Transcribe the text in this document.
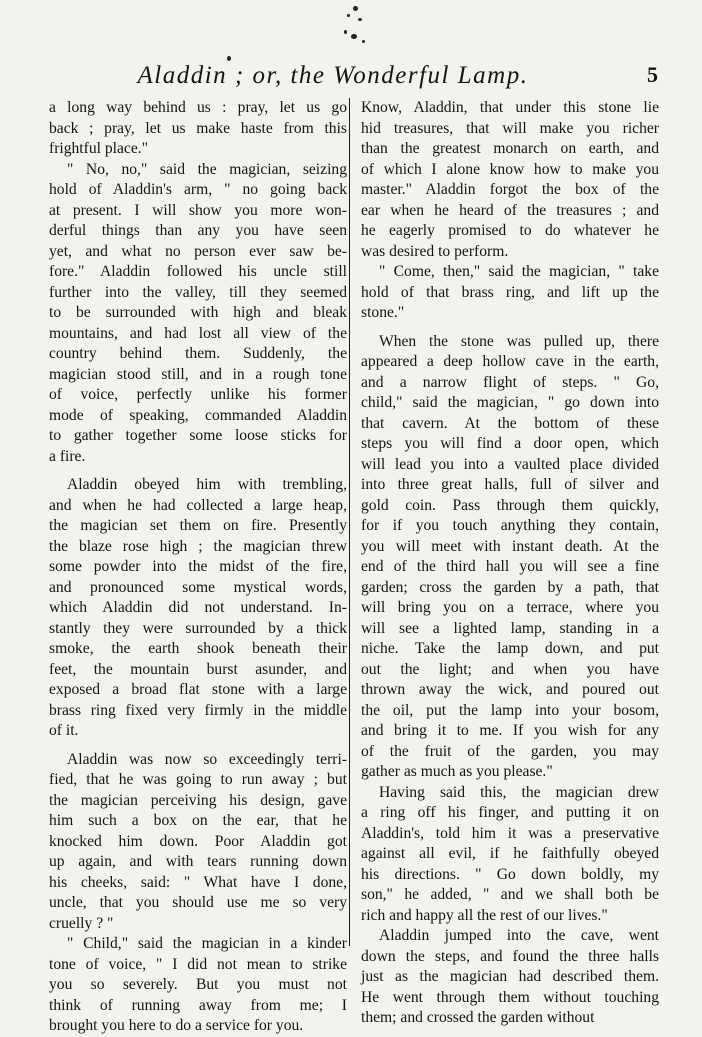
Aladdin ; or, the Wonderful Lamp.	5

a long way behind us : pray, let us go
back ; pray, let us make haste from this
frightful place."

" No, no," said the magician, seizing
hold of Aladdin's arm, " no going back
at present. I will show you more won-
derful things than any you have seen
yet, and what no person ever saw be-
fore." Aladdin followed his uncle still
further into the valley, till they seemed
to be surrounded with high and bleak
mountains, and had lost all view of the
country behind them. Suddenly, the
magician stood still, and in a rough tone
of voice, perfectly unlike his former
mode of speaking, commanded Aladdin
to gather together some loose sticks for
a fire.

Aladdin obeyed him with trembling,
and when he had collected a large heap,
the magician set them on fire. Presently
the blaze rose high ; the magician threw
some powder into the midst of the fire,
and pronounced some mystical words,
which Aladdin did not understand. In-
stantly they were surrounded by a thick
smoke, the earth shook beneath their
feet, the mountain burst asunder, and
exposed a broad flat stone with a large
brass ring fixed very firmly in the middle
of it.

Aladdin was now so exceedingly terri-
fied, that he was going to run away ; but
the magician perceiving his design, gave
him such a box on the ear, that he
knocked him down. Poor Aladdin got
up again, and with tears running down
his cheeks, said: " What have I done,
uncle, that you should use me so very
cruelly ? "

" Child," said the magician in a kinder
tone of voice, " I did not mean to strike
you so severely. But you must not
think of running away from me; I
brought you here to do a service for you.

Know, Aladdin, that under this stone lie
hid treasures, that will make you richer
than the greatest monarch on earth, and
of which I alone know how to make you
master." Aladdin forgot the box of the
ear when he heard of the treasures ; and
he eagerly promised to do whatever he
was desired to perform.

" Come, then," said the magician, " take
hold of that brass ring, and lift up the
stone."

When the stone was pulled up, there
appeared a deep hollow cave in the earth,
and a narrow flight of steps. " Go,
child," said the magician, " go down into
that cavern. At the bottom of these
steps you will find a door open, which
will lead you into a vaulted place divided
into three great halls, full of silver and
gold coin. Pass through them quickly,
for if you touch anything they contain,
you will meet with instant death. At the
end of the third hall you will see a fine
garden; cross the garden by a path, that
will bring you on a terrace, where you
will see a lighted lamp, standing in a
niche. Take the lamp down, and put
out the light; and when you have
thrown away the wick, and poured out
the oil, put the lamp into your bosom,
and bring it to me. If you wish for any
of the fruit of the garden, you may
gather as much as you please."

Having said this, the magician drew
a ring off his finger, and putting it on
Aladdin's, told him it was a preservative
against all evil, if he faithfully obeyed
his directions. " Go down boldly, my
son," he added, " and we shall both be
rich and happy all the rest of our lives."

Aladdin jumped into the cave, went
down the steps, and found the three halls
just as the magician had described them.
He went through them without touching
them; and crossed the garden without
